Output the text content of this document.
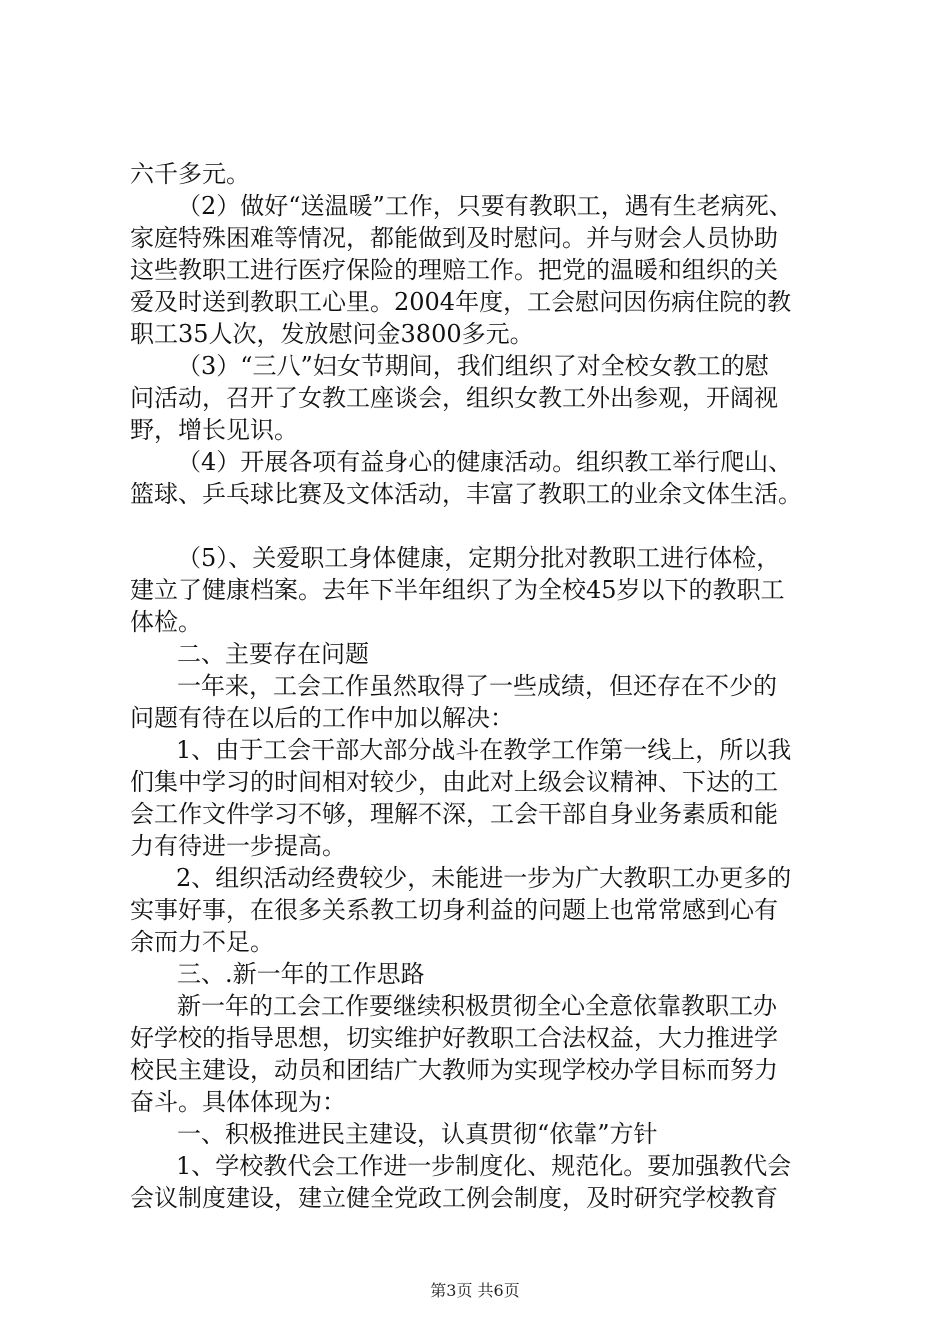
六千多元。
（2）做好“送温暖”工作，只要有教职工，遇有生老病死、
家庭特殊困难等情况，都能做到及时慰问。并与财会人员协助
这些教职工进行医疗保险的理赔工作。把党的温暖和组织的关
爱及时送到教职工心里。2004年度，工会慰问因伤病住院的教
职工35人次，发放慰问金3800多元。
（3）“三八”妇女节期间，我们组织了对全校女教工的慰
问活动，召开了女教工座谈会，组织女教工外出参观，开阔视
野，增长见识。
（4）开展各项有益身心的健康活动。组织教工举行爬山、
篮球、乒乓球比赛及文体活动，丰富了教职工的业余文体生活。
（5）、关爱职工身体健康，定期分批对教职工进行体检，
建立了健康档案。去年下半年组织了为全校45岁以下的教职工
体检。
二、主要存在问题
一年来，工会工作虽然取得了一些成绩，但还存在不少的
问题有待在以后的工作中加以解决：
1、由于工会干部大部分战斗在教学工作第一线上，所以我
们集中学习的时间相对较少，由此对上级会议精神、下达的工
会工作文件学习不够，理解不深，工会干部自身业务素质和能
力有待进一步提高。
2、组织活动经费较少，未能进一步为广大教职工办更多的
实事好事，在很多关系教工切身利益的问题上也常常感到心有
余而力不足。
三、.新一年的工作思路
新一年的工会工作要继续积极贯彻全心全意依靠教职工办
好学校的指导思想，切实维护好教职工合法权益，大力推进学
校民主建设，动员和团结广大教师为实现学校办学目标而努力
奋斗。具体体现为：
一、积极推进民主建设，认真贯彻“依靠”方针
1、学校教代会工作进一步制度化、规范化。要加强教代会
会议制度建设，建立健全党政工例会制度，及时研究学校教育
第3页 共6页
